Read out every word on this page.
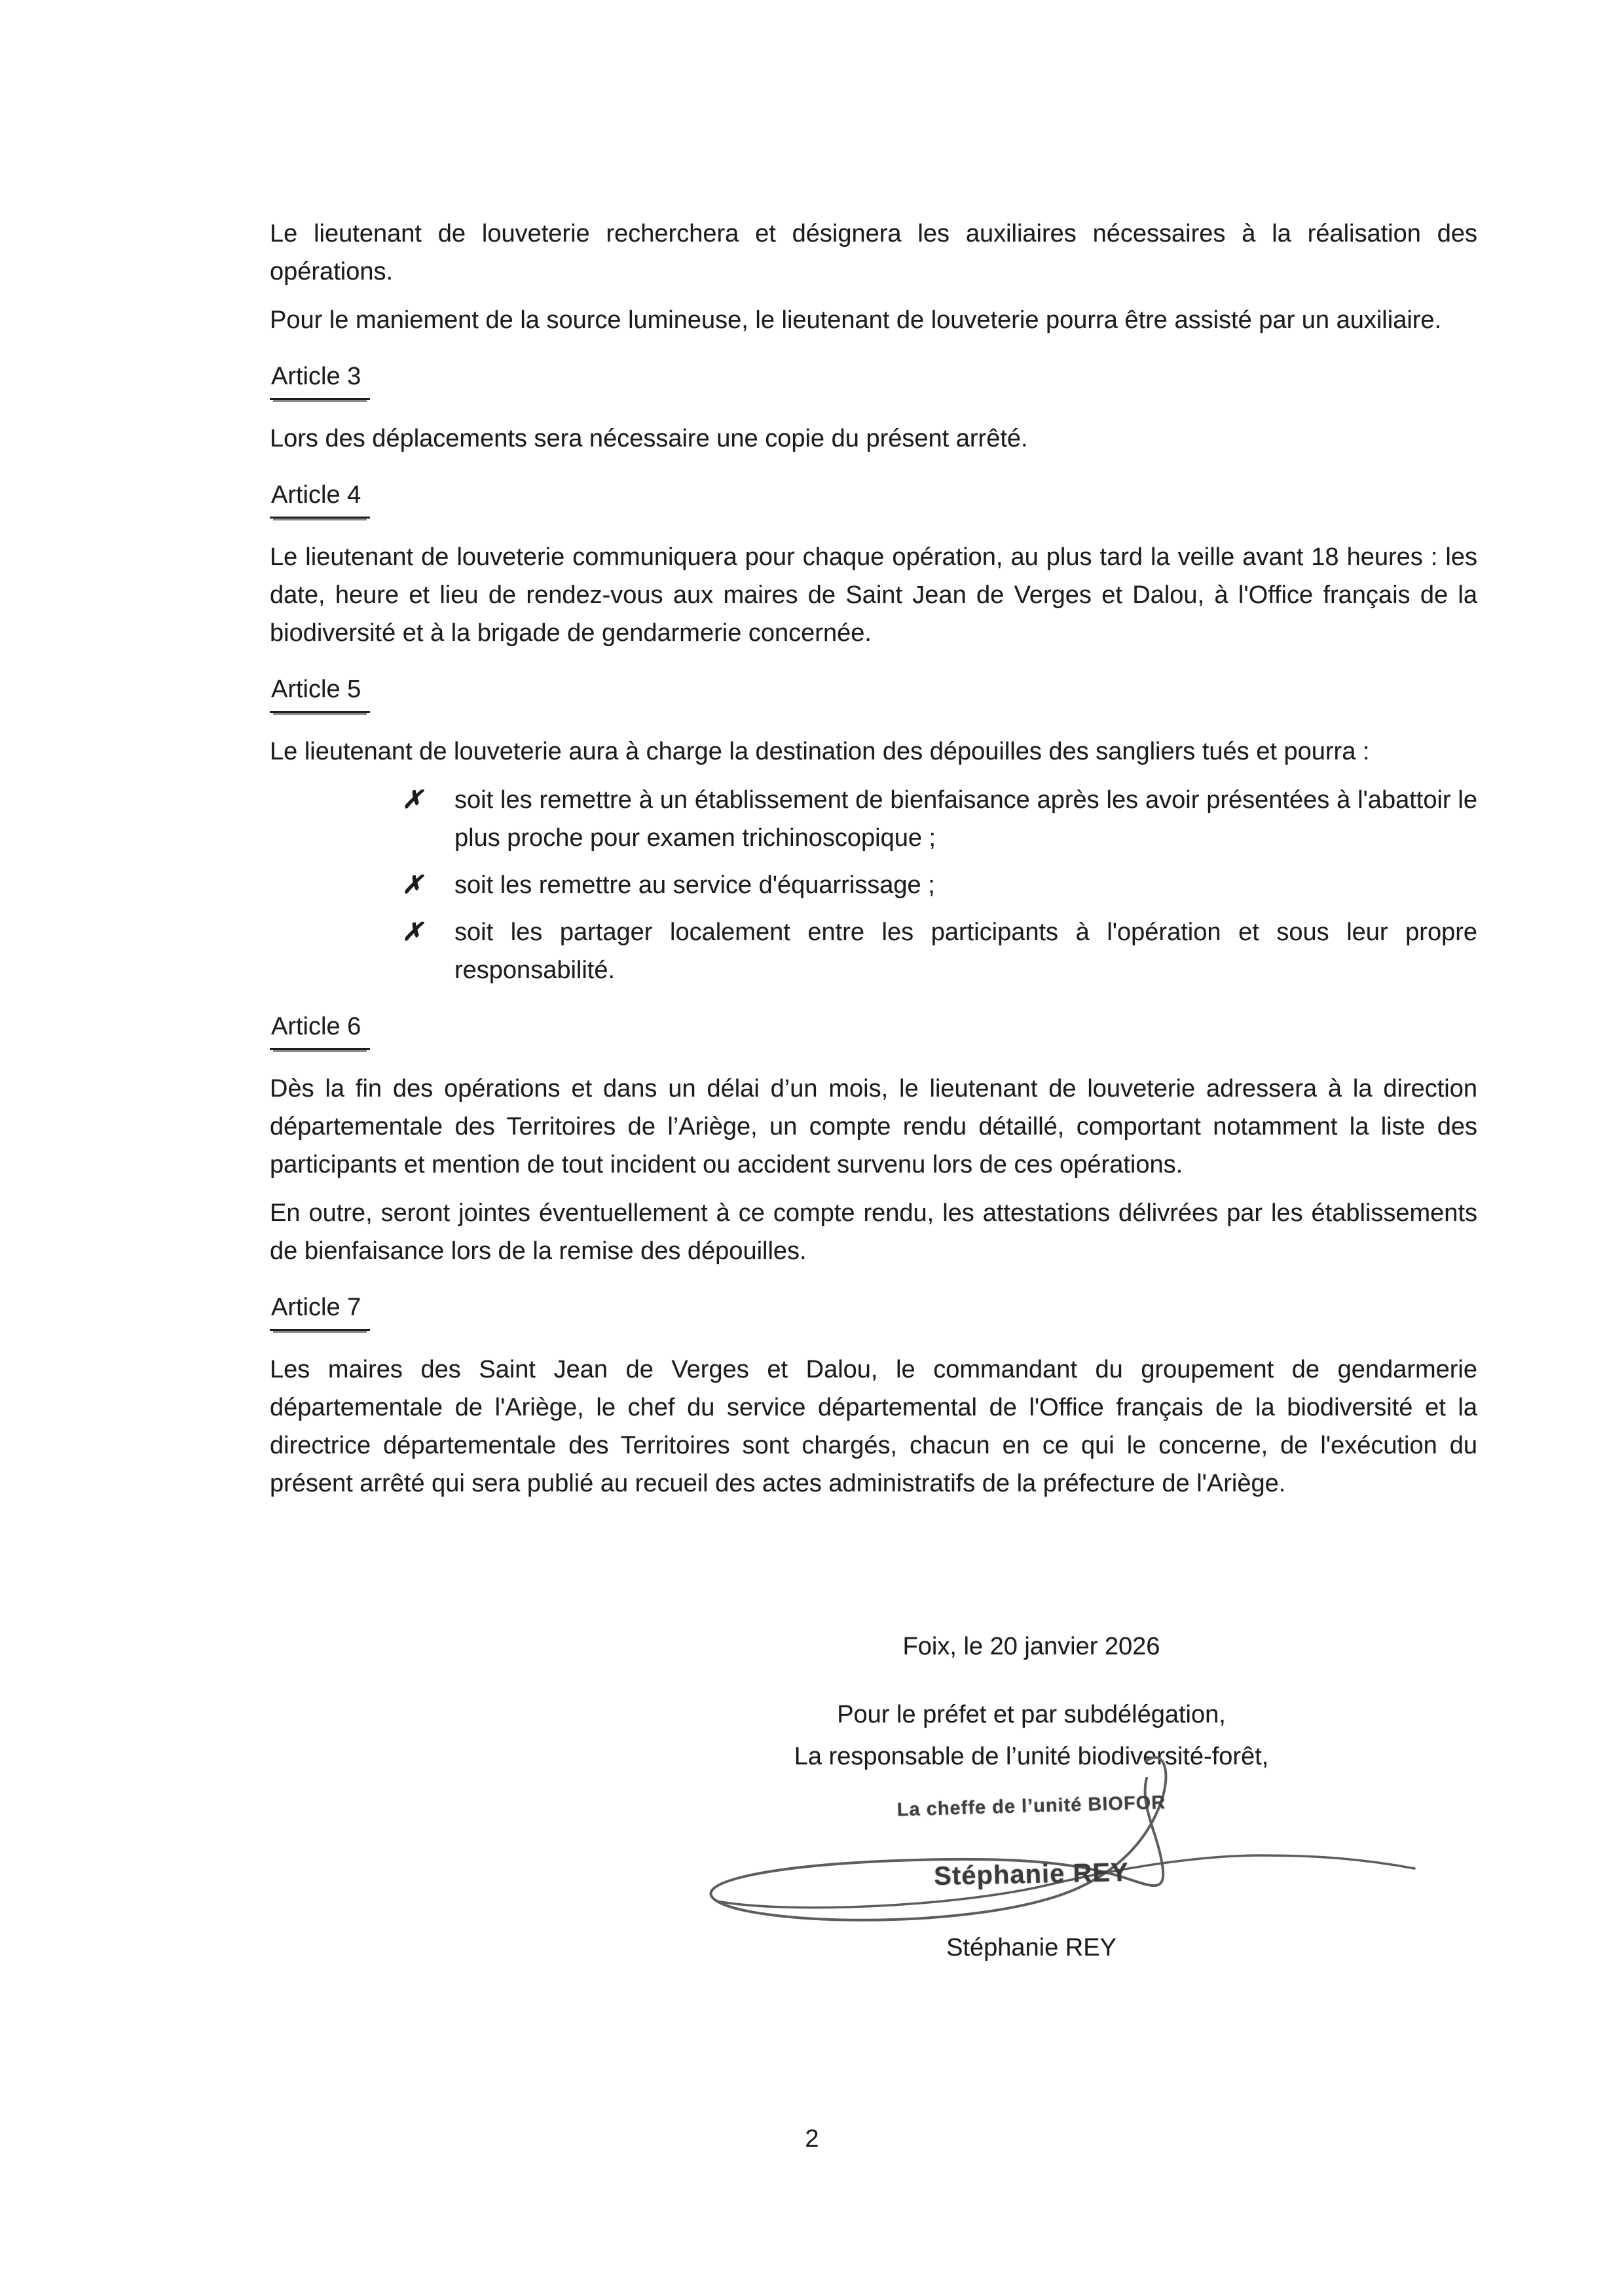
Le lieutenant de louveterie recherchera et désignera les auxiliaires nécessaires à la réalisation des opérations.

Pour le maniement de la source lumineuse, le lieutenant de louveterie pourra être assisté par un auxiliaire.

Article 3

Lors des déplacements sera nécessaire une copie du présent arrêté.

Article 4

Le lieutenant de louveterie communiquera pour chaque opération, au plus tard la veille avant 18 heures : les date, heure et lieu de rendez-vous aux maires de Saint Jean de Verges et Dalou, à l'Office français de la biodiversité et à la brigade de gendarmerie concernée.

Article 5

Le lieutenant de louveterie aura à charge la destination des dépouilles des sangliers tués et pourra :

✗ soit les remettre à un établissement de bienfaisance après les avoir présentées à l'abattoir le plus proche pour examen trichinoscopique ;
✗ soit les remettre au service d'équarrissage ;
✗ soit les partager localement entre les participants à l'opération et sous leur propre responsabilité.
Article 6

Dès la fin des opérations et dans un délai d’un mois, le lieutenant de louveterie adressera à la direction départementale des Territoires de l’Ariège, un compte rendu détaillé, comportant notamment la liste des participants et mention de tout incident ou accident survenu lors de ces opérations.

En outre, seront jointes éventuellement à ce compte rendu, les attestations délivrées par les établissements de bienfaisance lors de la remise des dépouilles.

Article 7

Les maires des Saint Jean de Verges et Dalou, le commandant du groupement de gendarmerie départementale de l'Ariège, le chef du service départemental de l'Office français de la biodiversité et la directrice départementale des Territoires sont chargés, chacun en ce qui le concerne, de l'exécution du présent arrêté qui sera publié au recueil des actes administratifs de la préfecture de l'Ariège.

Foix, le 20 janvier 2026
Pour le préfet et par subdélégation,
La responsable de l’unité biodiversité-forêt,
La cheffe de l’unité BIOFOR
Stéphanie REY
Stéphanie REY
2
